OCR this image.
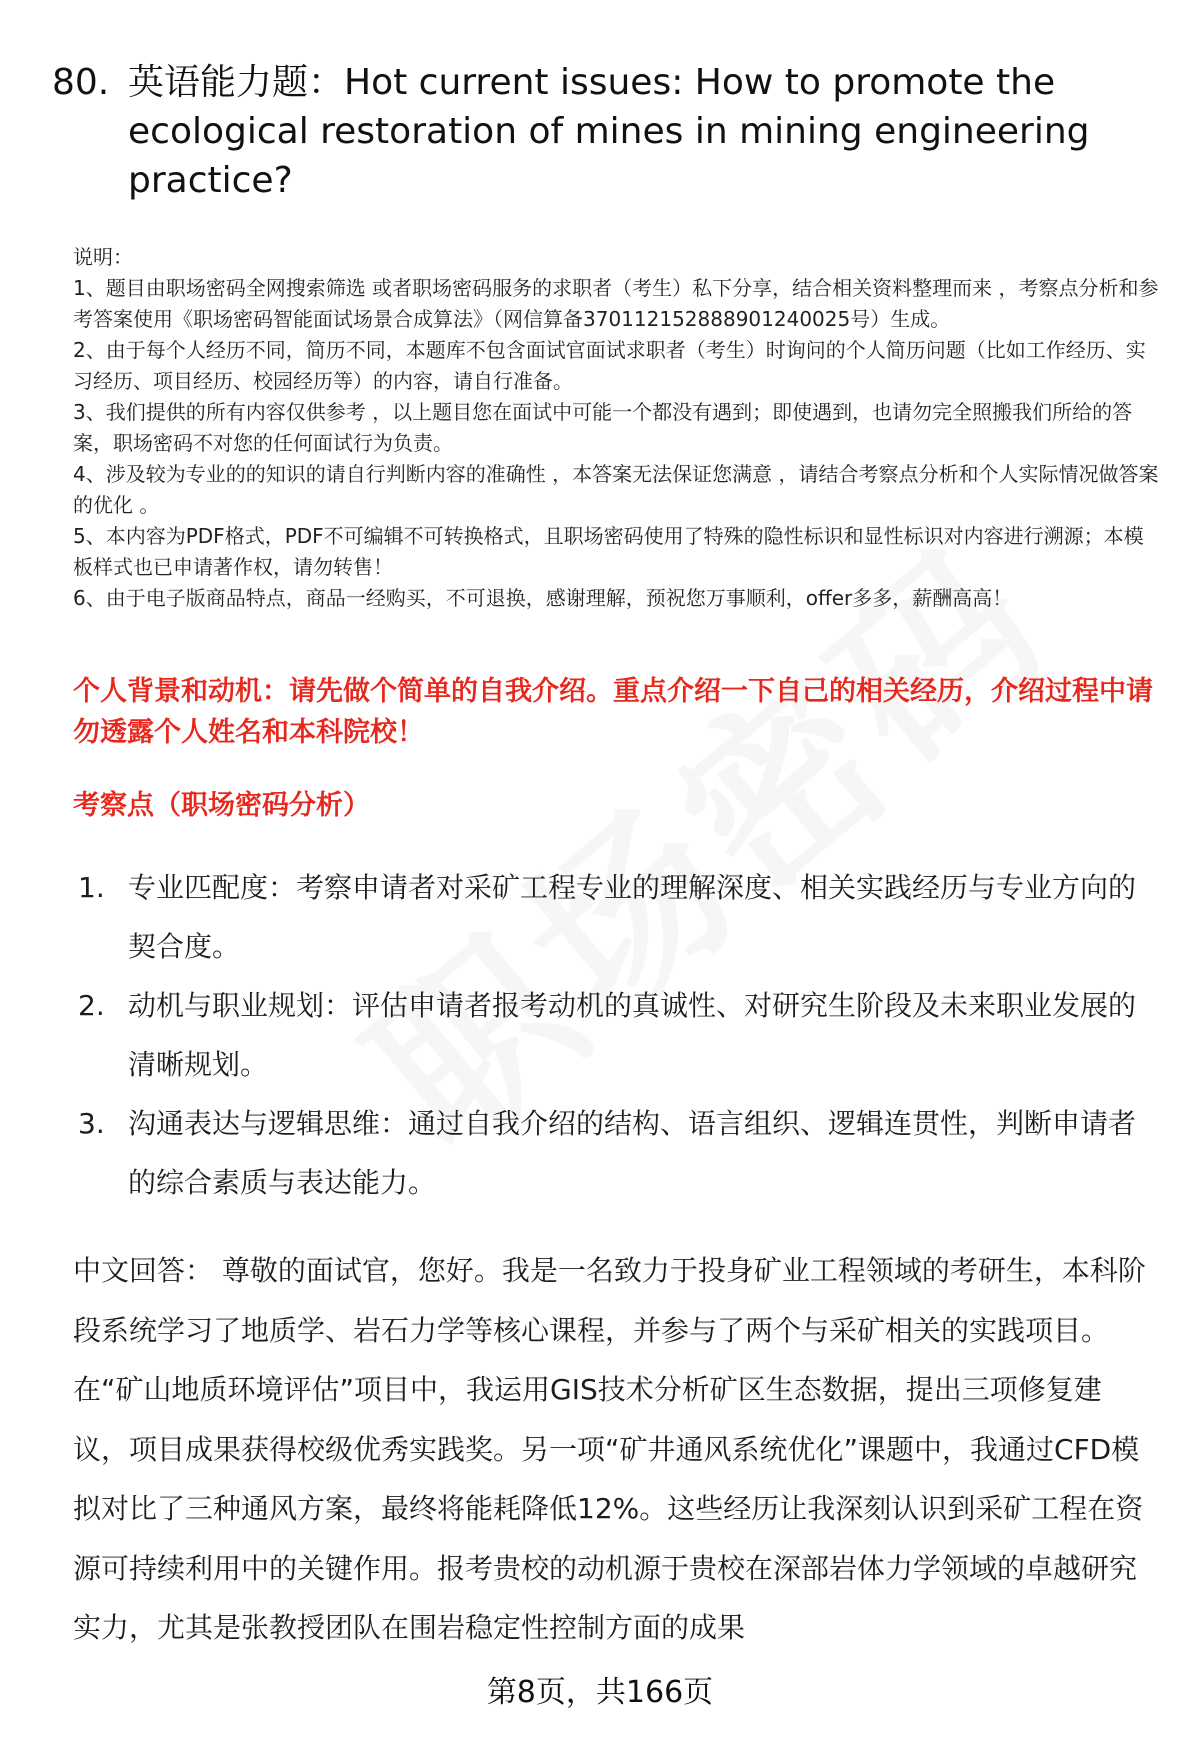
80. 英语能力题：Hot current issues: How to promote the ecological restoration of mines in mining engineering practice?

说明：

1、题目由职场密码全网搜索筛选 或者职场密码服务的求职者（考生）私下分享，结合相关资料整理而来 ，考察点分析和参考答案使用《职场密码智能面试场景合成算法》（网信算备370112152888901240025号）生成。

2、由于每个人经历不同，简历不同，本题库不包含面试官面试求职者（考生）时询问的个人简历问题（比如工作经历、实习经历、项目经历、校园经历等）的内容，请自行准备。

3、我们提供的所有内容仅供参考 ，以上题目您在面试中可能一个都没有遇到；即使遇到，也请勿完全照搬我们所给的答案，职场密码不对您的任何面试行为负责。

4、涉及较为专业的的知识的请自行判断内容的准确性 ，本答案无法保证您满意 ，请结合考察点分析和个人实际情况做答案的优化 。

5、本内容为PDF格式，PDF不可编辑不可转换格式，且职场密码使用了特殊的隐性标识和显性标识对内容进行溯源；本模板样式也已申请著作权，请勿转售！

6、由于电子版商品特点，商品一经购买，不可退换，感谢理解，预祝您万事顺利，offer多多，薪酬高高！

个人背景和动机：请先做个简单的自我介绍。重点介绍一下自己的相关经历，介绍过程中请勿透露个人姓名和本科院校！
考察点（职场密码分析）
1. 专业匹配度：考察申请者对采矿工程专业的理解深度、相关实践经历与专业方向的契合度。
2. 动机与职业规划：评估申请者报考动机的真诚性、对研究生阶段及未来职业发展的清晰规划。
3. 沟通表达与逻辑思维：通过自我介绍的结构、语言组织、逻辑连贯性，判断申请者的综合素质与表达能力。

中文回答： 尊敬的面试官，您好。我是一名致力于投身矿业工程领域的考研生，本科阶段系统学习了地质学、岩石力学等核心课程，并参与了两个与采矿相关的实践项目。在“矿山地质环境评估”项目中，我运用GIS技术分析矿区生态数据，提出三项修复建议，项目成果获得校级优秀实践奖。另一项“矿井通风系统优化”课题中，我通过CFD模拟对比了三种通风方案，最终将能耗降低12%。这些经历让我深刻认识到采矿工程在资源可持续利用中的关键作用。报考贵校的动机源于贵校在深部岩体力学领域的卓越研究实力，尤其是张教授团队在围岩稳定性控制方面的成果

第8页，共166页
